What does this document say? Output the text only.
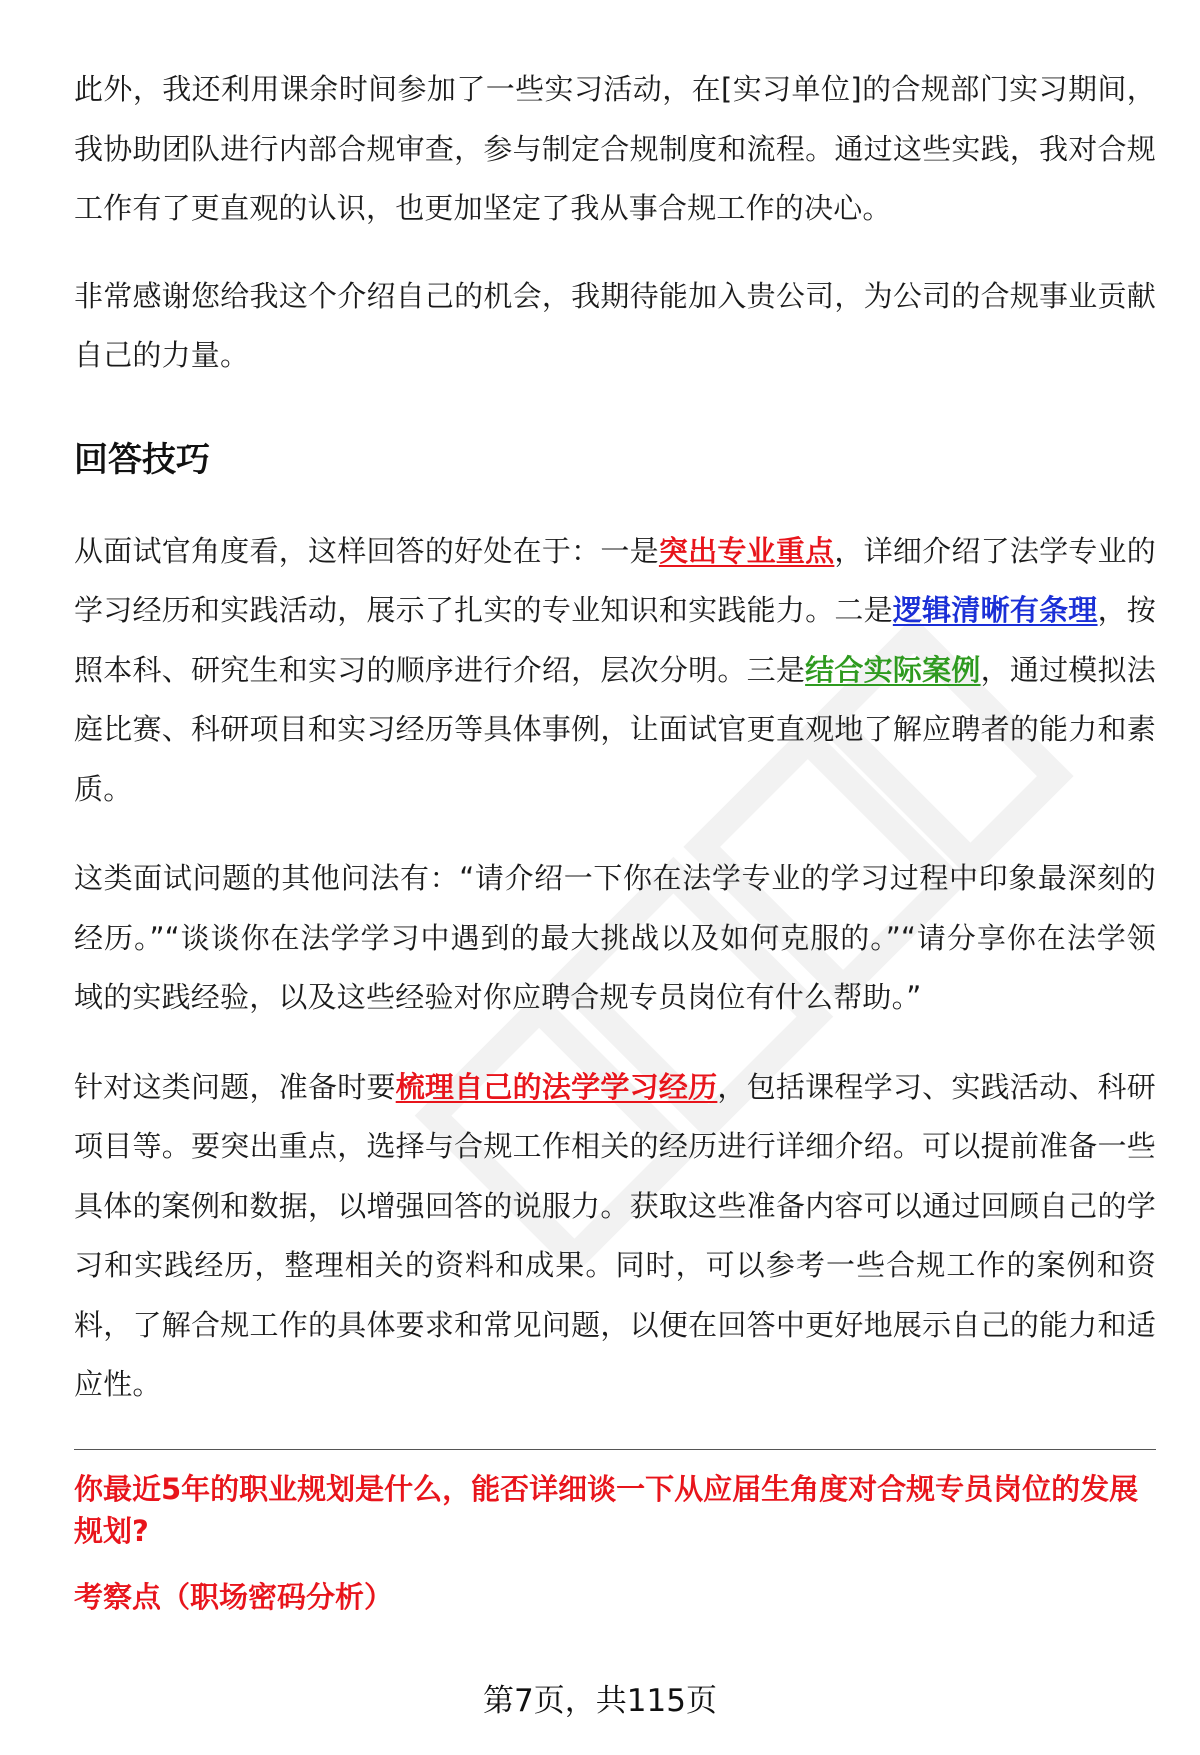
此外，我还利用课余时间参加了一些实习活动，在[实习单位]的合规部门实习期间，我协助团队进行内部合规审查，参与制定合规制度和流程。通过这些实践，我对合规工作有了更直观的认识，也更加坚定了我从事合规工作的决心。

非常感谢您给我这个介绍自己的机会，我期待能加入贵公司，为公司的合规事业贡献自己的力量。

回答技巧

从面试官角度看，这样回答的好处在于：一是突出专业重点，详细介绍了法学专业的学习经历和实践活动，展示了扎实的专业知识和实践能力。二是逻辑清晰有条理，按照本科、研究生和实习的顺序进行介绍，层次分明。三是结合实际案例，通过模拟法庭比赛、科研项目和实习经历等具体事例，让面试官更直观地了解应聘者的能力和素质。

这类面试问题的其他问法有：“请介绍一下你在法学专业的学习过程中印象最深刻的经历。”“谈谈你在法学学习中遇到的最大挑战以及如何克服的。”“请分享你在法学领域的实践经验，以及这些经验对你应聘合规专员岗位有什么帮助。”

针对这类问题，准备时要梳理自己的法学学习经历，包括课程学习、实践活动、科研项目等。要突出重点，选择与合规工作相关的经历进行详细介绍。可以提前准备一些具体的案例和数据，以增强回答的说服力。获取这些准备内容可以通过回顾自己的学习和实践经历，整理相关的资料和成果。同时，可以参考一些合规工作的案例和资料，了解合规工作的具体要求和常见问题，以便在回答中更好地展示自己的能力和适应性。

你最近5年的职业规划是什么，能否详细谈一下从应届生角度对合规专员岗位的发展规划?

考察点（职场密码分析）

第7页，共115页
